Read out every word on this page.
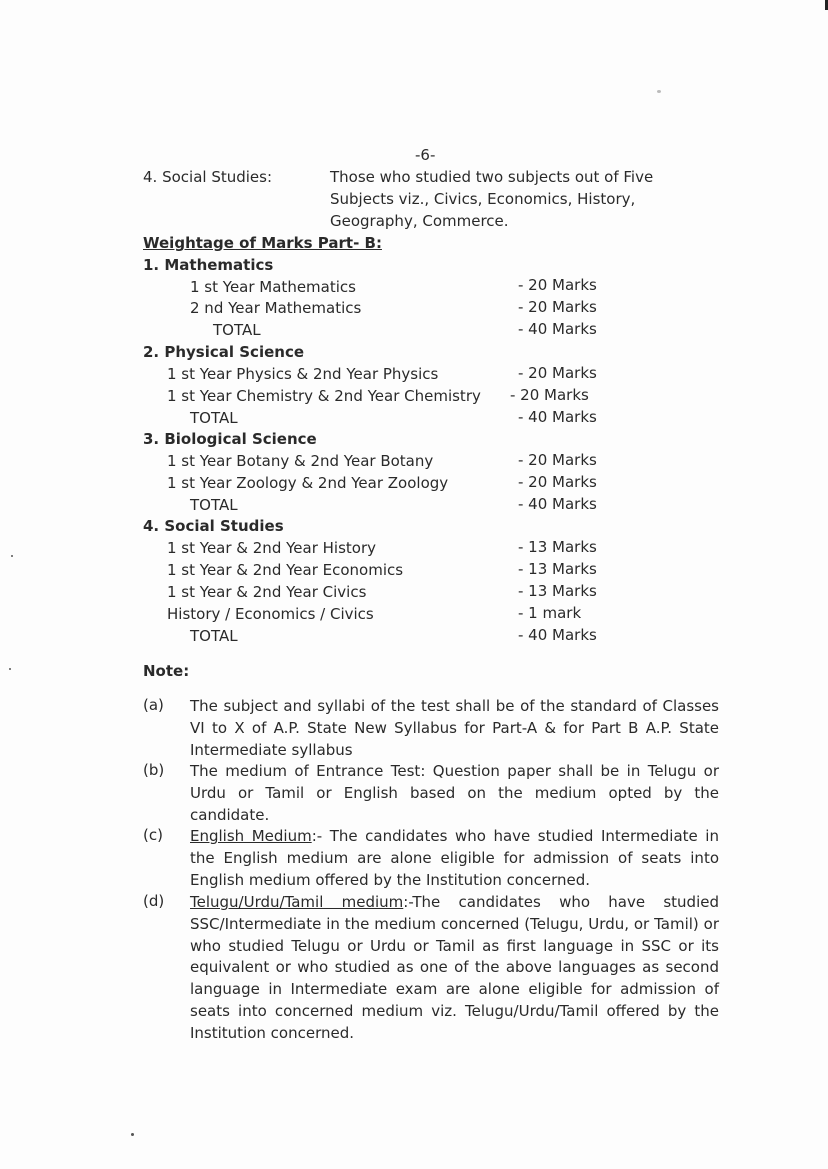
-6-
4. Social Studies:	Those who studied two subjects out of Five
Subjects viz., Civics, Economics, History,
Geography, Commerce.
Weightage of Marks Part- B:
1. Mathematics
1 st Year Mathematics	- 20 Marks
2 nd Year Mathematics	- 20 Marks
TOTAL	- 40 Marks
2. Physical Science
1 st Year Physics & 2nd Year Physics	- 20 Marks
1 st Year Chemistry & 2nd Year Chemistry - 20 Marks
TOTAL	- 40 Marks
3. Biological Science
1 st Year Botany & 2nd Year Botany	- 20 Marks
1 st Year Zoology & 2nd Year Zoology	- 20 Marks
TOTAL	- 40 Marks
4. Social Studies
1 st Year & 2nd Year History	- 13 Marks
1 st Year & 2nd Year Economics	- 13 Marks
1 st Year & 2nd Year Civics	- 13 Marks
History / Economics / Civics	- 1 mark
TOTAL	- 40 Marks
Note:
(a) The subject and syllabi of the test shall be of the standard of Classes VI to X of A.P. State New Syllabus for Part-A & for Part B A.P. State Intermediate syllabus
(b) The medium of Entrance Test: Question paper shall be in Telugu or Urdu or Tamil or English based on the medium opted by the candidate.
(c) English Medium:- The candidates who have studied Intermediate in the English medium are alone eligible for admission of seats into English medium offered by the Institution concerned.
(d) Telugu/Urdu/Tamil medium:-The candidates who have studied SSC/Intermediate in the medium concerned (Telugu, Urdu, or Tamil) or who studied Telugu or Urdu or Tamil as first language in SSC or its equivalent or who studied as one of the above languages as second language in Intermediate exam are alone eligible for admission of seats into concerned medium viz. Telugu/Urdu/Tamil offered by the Institution concerned.
